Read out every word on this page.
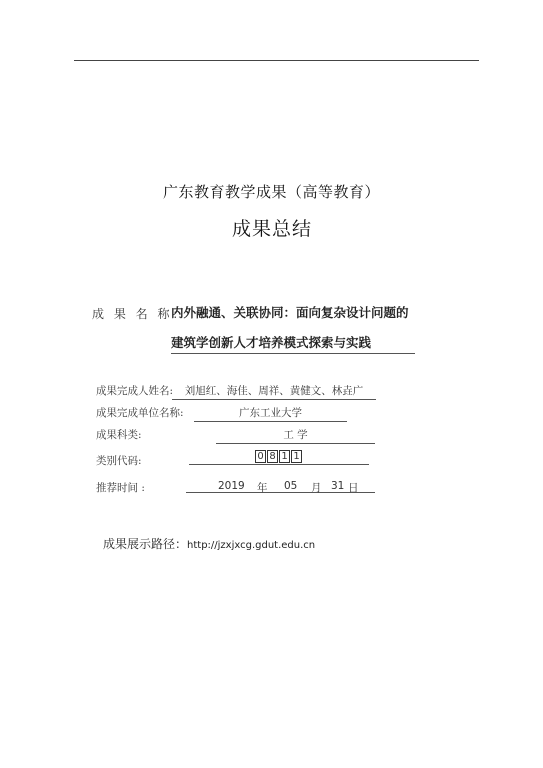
广东教育教学成果（高等教育）
成果总结
成 果 名 称：
内外融通、关联协同：面向复杂设计问题的
建筑学创新人才培养模式探索与实践
成果完成人姓名:	刘旭红、海佳、周祥、黄健文、林垚广
成果完成单位名称:	广东工业大学
成果科类:	工 学
类别代码:	0 8 1 1
推荐时间 :	2019 年 05 月 31 日
成果展示路径：http://jzxjxcg.gdut.edu.cn
